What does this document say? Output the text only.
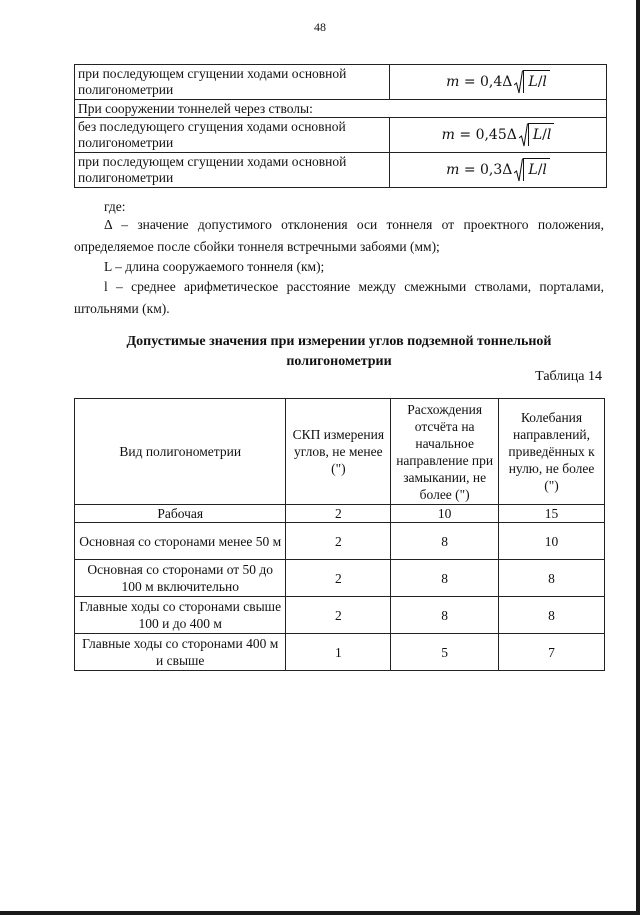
48
при последующем сгущении ходами основной полигонометрии	m = 0,4Δ L/l
При сооружении тоннелей через стволы:	
без последующего сгущения ходами основной полигонометрии	m = 0,45Δ L/l
при последующем сгущении ходами основной полигонометрии	m = 0,3Δ L/l
где:
Δ – значение допустимого отклонения оси тоннеля от проектного положения, определяемое после сбойки тоннеля встречными забоями (мм);
L – длина сооружаемого тоннеля (км);
l – среднее арифметическое расстояние между смежными стволами, порталами, штольнями (км).
Допустимые значения при измерении углов подземной тоннельной полигонометрии
Таблица 14
Вид полигонометрии	СКП измерения углов, не менее (")	Расхождения отсчёта на начальное направление при замыкании, не более (")	Колебания направлений, приведённых к нулю, не более (")
Рабочая	2	10	15
Основная со сторонами менее 50 м	2	8	10
Основная со сторонами от 50 до 100 м включительно	2	8	8
Главные ходы со сторонами свыше 100 и до 400 м	2	8	8
Главные ходы со сторонами 400 м и свыше	1	5	7
